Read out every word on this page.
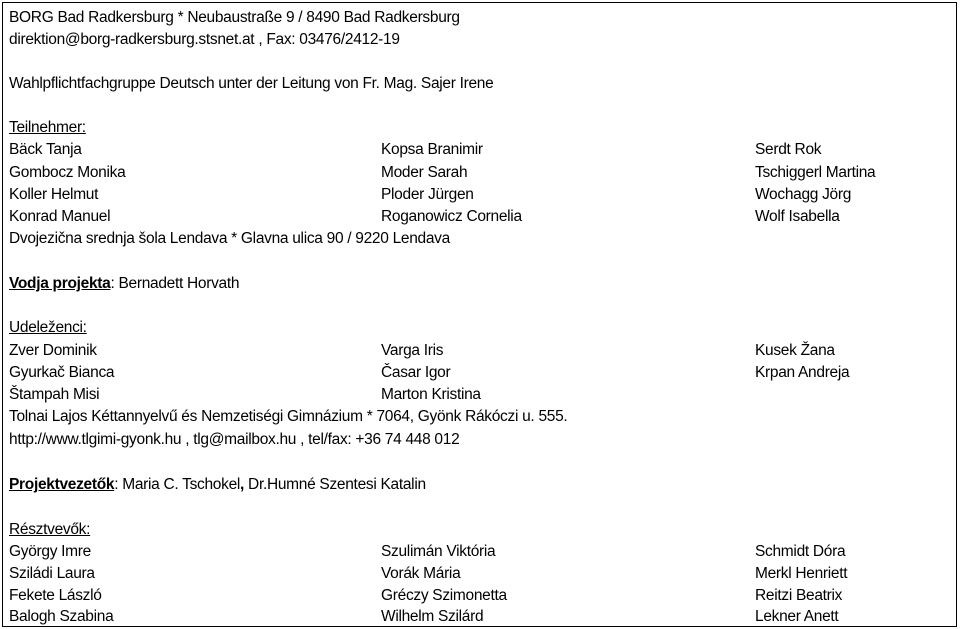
BORG Bad Radkersburg * Neubaustraße 9 / 8490 Bad Radkersburg
direktion@borg-radkersburg.stsnet.at , Fax: 03476/2412-19
Wahlpflichtfachgruppe Deutsch unter der Leitung von Fr. Mag. Sajer Irene
Teilnehmer:
Bäck Tanja	Kopsa Branimir	Serdt Rok
Gombocz Monika	Moder Sarah	Tschiggerl Martina
Koller Helmut	Ploder Jürgen	Wochagg Jörg
Konrad Manuel	Roganowicz Cornelia	Wolf Isabella
Dvojezična srednja šola Lendava * Glavna ulica 90 / 9220 Lendava
Vodja projekta: Bernadett Horvath
Udeleženci:
Zver Dominik	Varga Iris	Kusek Žana
Gyurkač Bianca	Časar Igor	Krpan Andreja
Štampah Misi	Marton Kristina
Tolnai Lajos Kéttannyelvű és Nemzetiségi Gimnázium * 7064, Gyönk Rákóczi u. 555.
http://www.tlgimi-gyonk.hu , tlg@mailbox.hu , tel/fax: +36 74 448 012
Projektvezetők: Maria C. Tschokel, Dr.Humné Szentesi Katalin
Résztvevők:
György Imre	Szulimán Viktória	Schmidt Dóra
Sziládi Laura	Vorák Mária	Merkl Henriett
Fekete László	Gréczy Szimonetta	Reitzi Beatrix
Balogh Szabina	Wilhelm Szilárd	Lekner Anett
